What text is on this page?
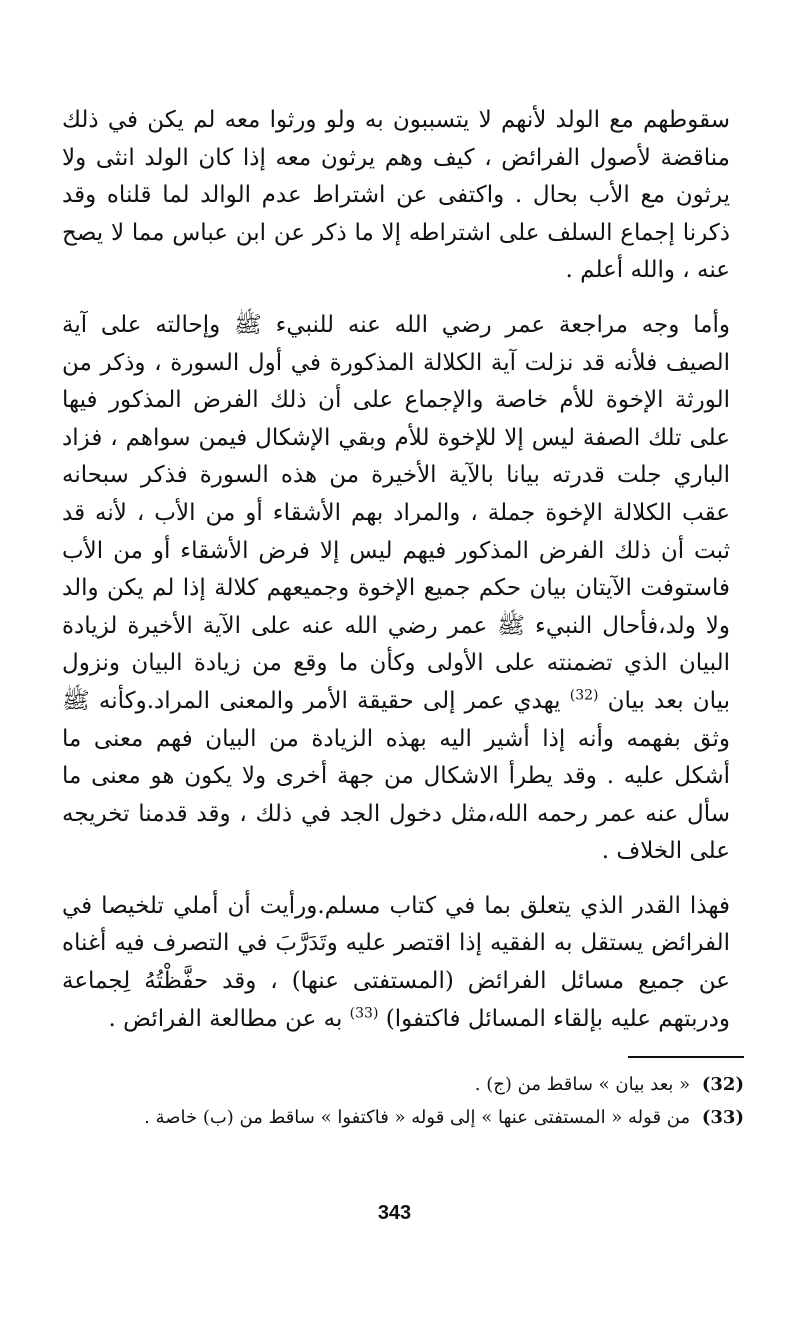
سقوطهم مع الولد لأنهم لا يتسببون به ولو ورثوا معه لم يكن في ذلك مناقضة لأصول الفرائض ، كيف وهم يرثون معه إذا كان الولد انثى ولا يرثون مع الأب بحال . واكتفى عن اشتراط عدم الوالد لما قلناه وقد ذكرنا إجماع السلف على اشتراطه إلا ما ذكر عن ابن عباس مما لا يصح عنه ، والله أعلم .

وأما وجه مراجعة عمر رضي الله عنه للنبيء ﷺ وإحالته على آية الصيف فلأنه قد نزلت آية الكلالة المذكورة في أول السورة ، وذكر من الورثة الإخوة للأم خاصة والإجماع على أن ذلك الفرض المذكور فيها على تلك الصفة ليس إلا للإخوة للأم وبقي الإشكال فيمن سواهم ، فزاد الباري جلت قدرته بيانا بالآية الأخيرة من هذه السورة فذكر سبحانه عقب الكلالة الإخوة جملة ، والمراد بهم الأشقاء أو من الأب ، لأنه قد ثبت أن ذلك الفرض المذكور فيهم ليس إلا فرض الأشقاء أو من الأب فاستوفت الآيتان بيان حكم جميع الإخوة وجميعهم كلالة إذا لم يكن والد ولا ولد،فأحال النبيء ﷺ عمر رضي الله عنه على الآية الأخيرة لزيادة البيان الذي تضمنته على الأولى وكأن ما وقع من زيادة البيان ونزول بيان بعد بيان $^{(32)}$ يهدي عمر إلى حقيقة الأمر والمعنى المراد.وكأنه ﷺ وثق بفهمه وأنه إذا أشير اليه بهذه الزيادة من البيان فهم معنى ما أشكل عليه . وقد يطرأ الاشكال من جهة أخرى ولا يكون هو معنى ما سأل عنه عمر رحمه الله،مثل دخول الجد في ذلك ، وقد قدمنا تخريجه على الخلاف .

فهذا القدر الذي يتعلق بما في كتاب مسلم.ورأيت أن أملي تلخيصا في الفرائض يستقل به الفقيه إذا اقتصر عليه وتَدَرَّبَ في التصرف فيه أغناه عن جميع مسائل الفرائض (المستفتى عنها) ، وقد حفَّظْتُهُ لِجماعة ودربتهم عليه بإلقاء المسائل فاكتفوا) $^{(33)}$ به عن مطالعة الفرائض .

(32) « بعد بيان » ساقط من (ج) .

(33) من قوله « المستفتى عنها » إلى قوله « فاكتفوا » ساقط من (ب) خاصة .

343
